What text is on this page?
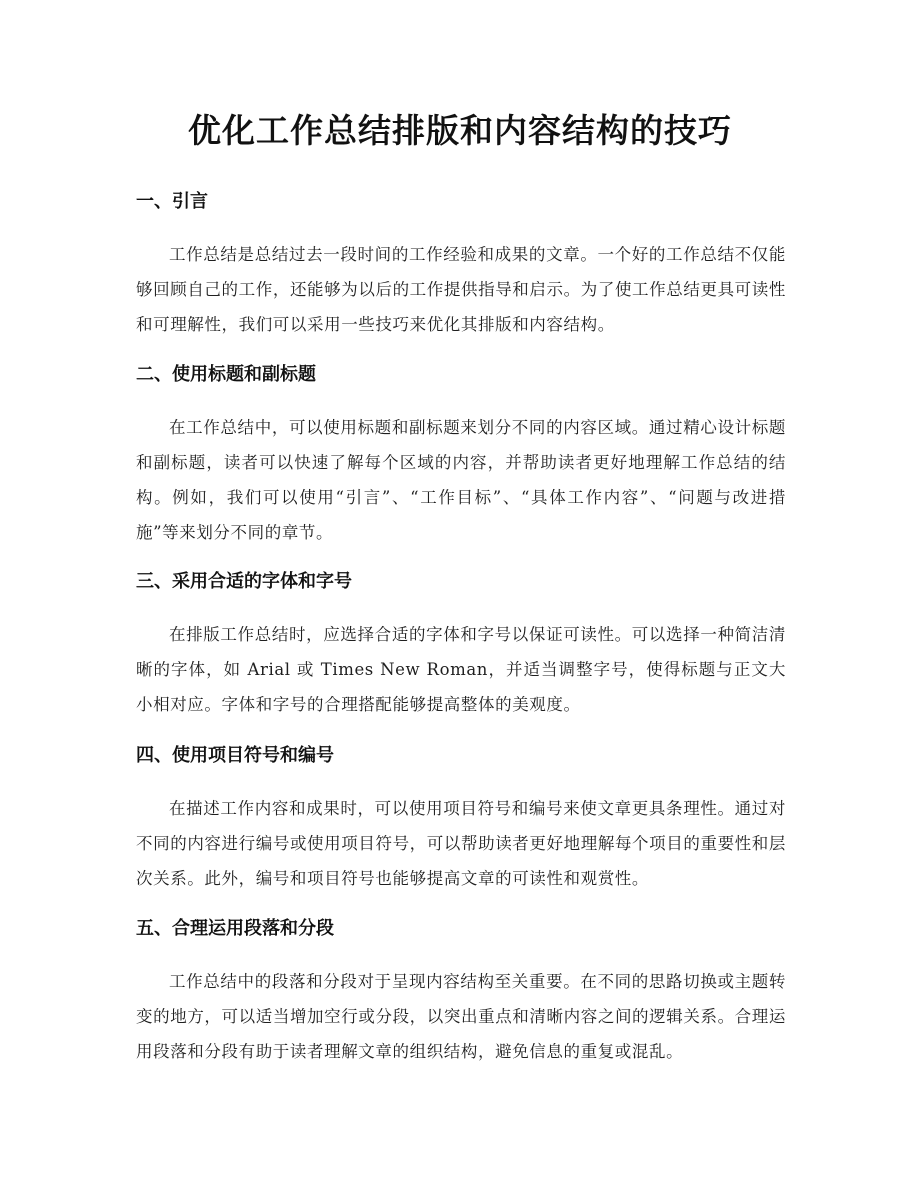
优化工作总结排版和内容结构的技巧
一、引言

工作总结是总结过去一段时间的工作经验和成果的文章。一个好的工作总结不仅能够回顾自己的工作，还能够为以后的工作提供指导和启示。为了使工作总结更具可读性和可理解性，我们可以采用一些技巧来优化其排版和内容结构。

二、使用标题和副标题

在工作总结中，可以使用标题和副标题来划分不同的内容区域。通过精心设计标题和副标题，读者可以快速了解每个区域的内容，并帮助读者更好地理解工作总结的结构。例如，我们可以使用“引言”、“工作目标”、“具体工作内容”、“问题与改进措施”等来划分不同的章节。

三、采用合适的字体和字号

在排版工作总结时，应选择合适的字体和字号以保证可读性。可以选择一种简洁清晰的字体，如 Arial 或 Times New Roman，并适当调整字号，使得标题与正文大小相对应。字体和字号的合理搭配能够提高整体的美观度。

四、使用项目符号和编号

在描述工作内容和成果时，可以使用项目符号和编号来使文章更具条理性。通过对不同的内容进行编号或使用项目符号，可以帮助读者更好地理解每个项目的重要性和层次关系。此外，编号和项目符号也能够提高文章的可读性和观赏性。

五、合理运用段落和分段

工作总结中的段落和分段对于呈现内容结构至关重要。在不同的思路切换或主题转变的地方，可以适当增加空行或分段，以突出重点和清晰内容之间的逻辑关系。合理运用段落和分段有助于读者理解文章的组织结构，避免信息的重复或混乱。
